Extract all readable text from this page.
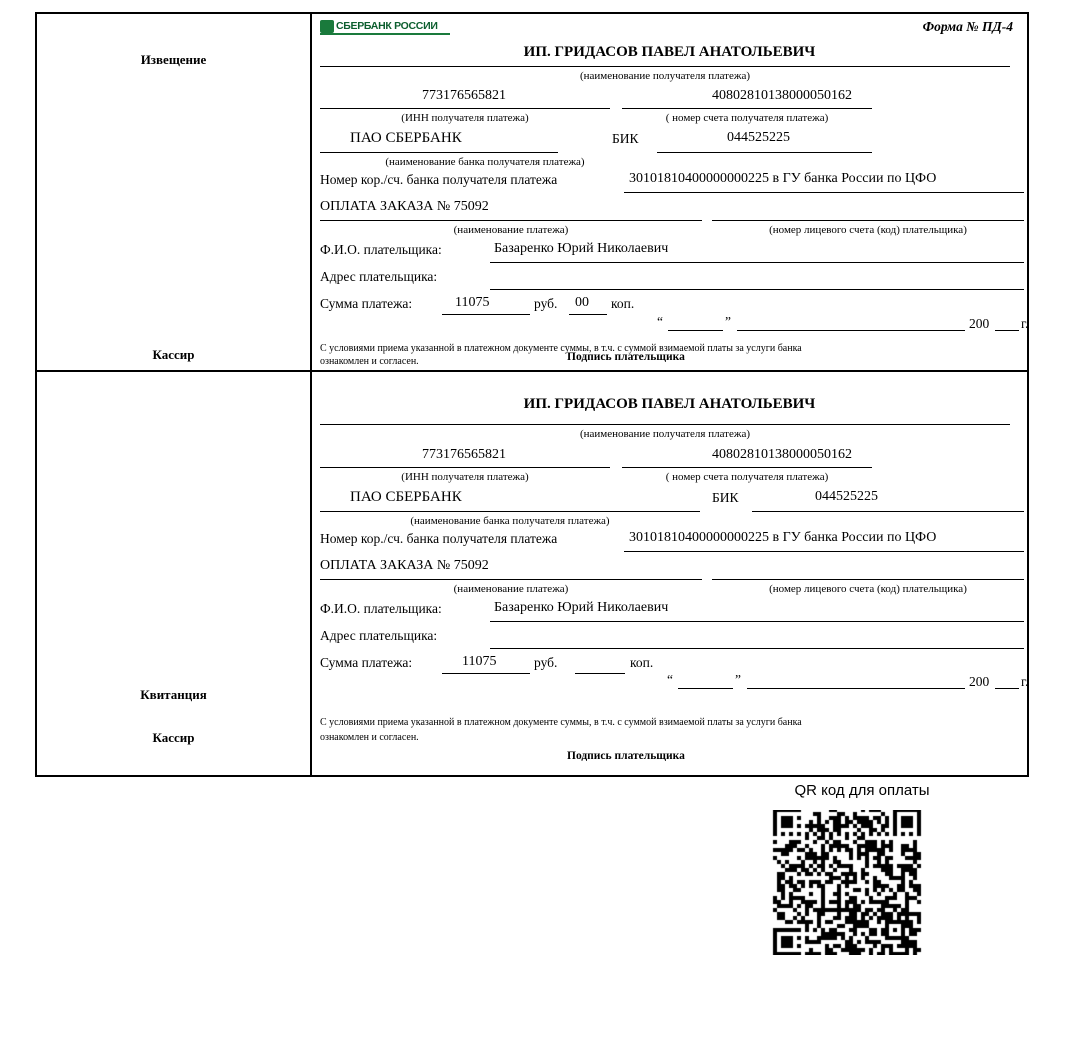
Извещение
Кассир
СБЕРБАНК РОССИИ	Форма № ПД-4
ИП. ГРИДАСОВ ПАВЕЛ АНАТОЛЬЕВИЧ
(наименование получателя платежа)
773176565821
(ИНН получателя платежа)
40802810138000050162
( номер счета получателя платежа)
ПАО СБЕРБАНК
(наименование банка получателя платежа)
БИК	044525225
Номер кор./сч. банка получателя платежа	30101810400000000225 в ГУ банка России по ЦФО
ОПЛАТА ЗАКАЗА № 75092
(наименование платежа)	(номер лицевого счета (код) плательщика)
Ф.И.О. плательщика:	Базаренко Юрий Николаевич
Адрес плательщика:
Сумма платежа:	11075	руб. 00 коп.
“	”	200 г.
С условиями приема указанной в платежном документе суммы, в т.ч. с суммой взимаемой платы за услуги банка
ознакомлен и согласен.	Подпись плательщика
Квитанция
Кассир
ИП. ГРИДАСОВ ПАВЕЛ АНАТОЛЬЕВИЧ
(наименование получателя платежа)
773176565821
(ИНН получателя платежа)
40802810138000050162
( номер счета получателя платежа)
ПАО СБЕРБАНК
(наименование банка получателя платежа)
БИК	044525225
Номер кор./сч. банка получателя платежа	30101810400000000225 в ГУ банка России по ЦФО
ОПЛАТА ЗАКАЗА № 75092
(наименование платежа)	(номер лицевого счета (код) плательщика)
Ф.И.О. плательщика:	Базаренко Юрий Николаевич
Адрес плательщика:
Сумма платежа:	11075	руб.	коп.
“	”	200 г.
С условиями приема указанной в платежном документе суммы, в т.ч. с суммой взимаемой платы за услуги банка
ознакомлен и согласен.
Подпись плательщика
QR код для оплаты
